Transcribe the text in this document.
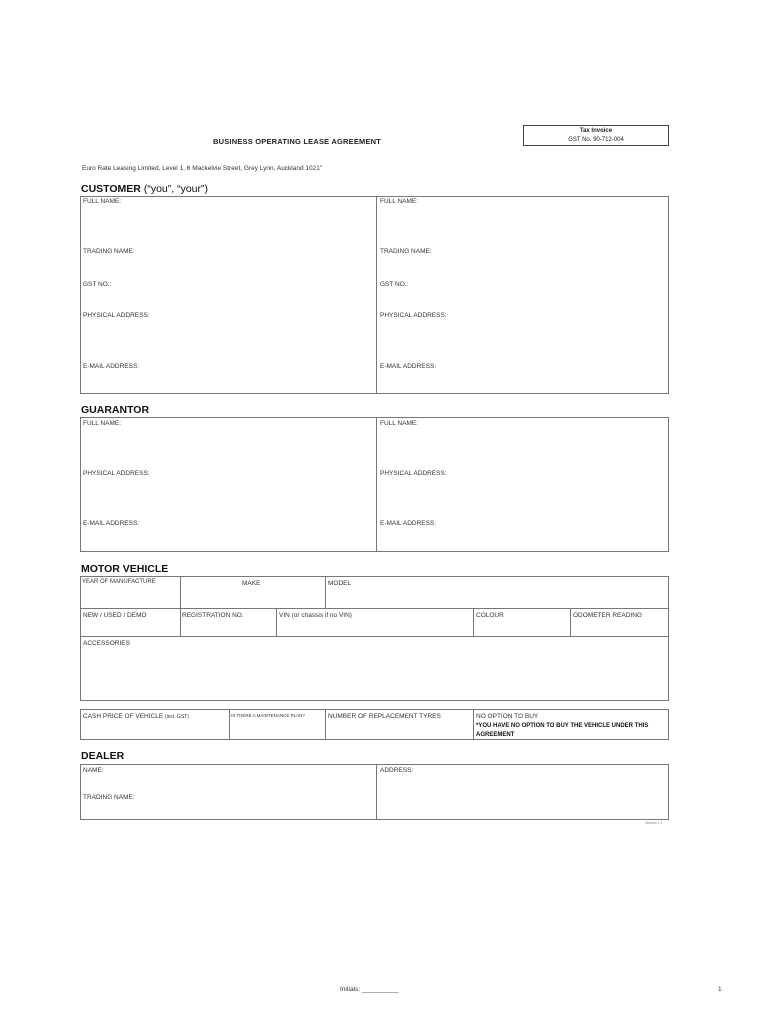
BUSINESS OPERATING LEASE AGREEMENT
Tax Invoice
GST No. 90-712-004
Euro Rate Leasing Limited, Level 1, 6 Mackelvie Street, Grey Lynn, Auckland 1021"
CUSTOMER (“you”, “your”)
FULL NAME:
TRADING NAME:
GST NO.:
PHYSICAL ADDRESS:
E-MAIL ADDRESS:
FULL NAME:
TRADING NAME:
GST NO.:
PHYSICAL ADDRESS:
E-MAIL ADDRESS:
GUARANTOR
FULL NAME:
PHYSICAL ADDRESS:
E-MAIL ADDRESS:
FULL NAME:
PHYSICAL ADDRESS:
E-MAIL ADDRESS:
MOTOR VEHICLE
YEAR OF MANUFACTURE	MAKE	MODEL
NEW / USED / DEMO	REGISTRATION NO.	VIN (or chassis if no VIN)	COLOUR	ODOMETER READING
ACCESSORIES
CASH PRICE OF VEHICLE (incl. GST)	IS THERE A MAINTENANCE PLAN?	NUMBER OF REPLACEMENT TYRES	NO OPTION TO BUY
*YOU HAVE NO OPTION TO BUY THE VEHICLE UNDER THIS
AGREEMENT
DEALER
NAME:
TRADING NAME:
ADDRESS:
Version 1.1
Initials: __________	1
